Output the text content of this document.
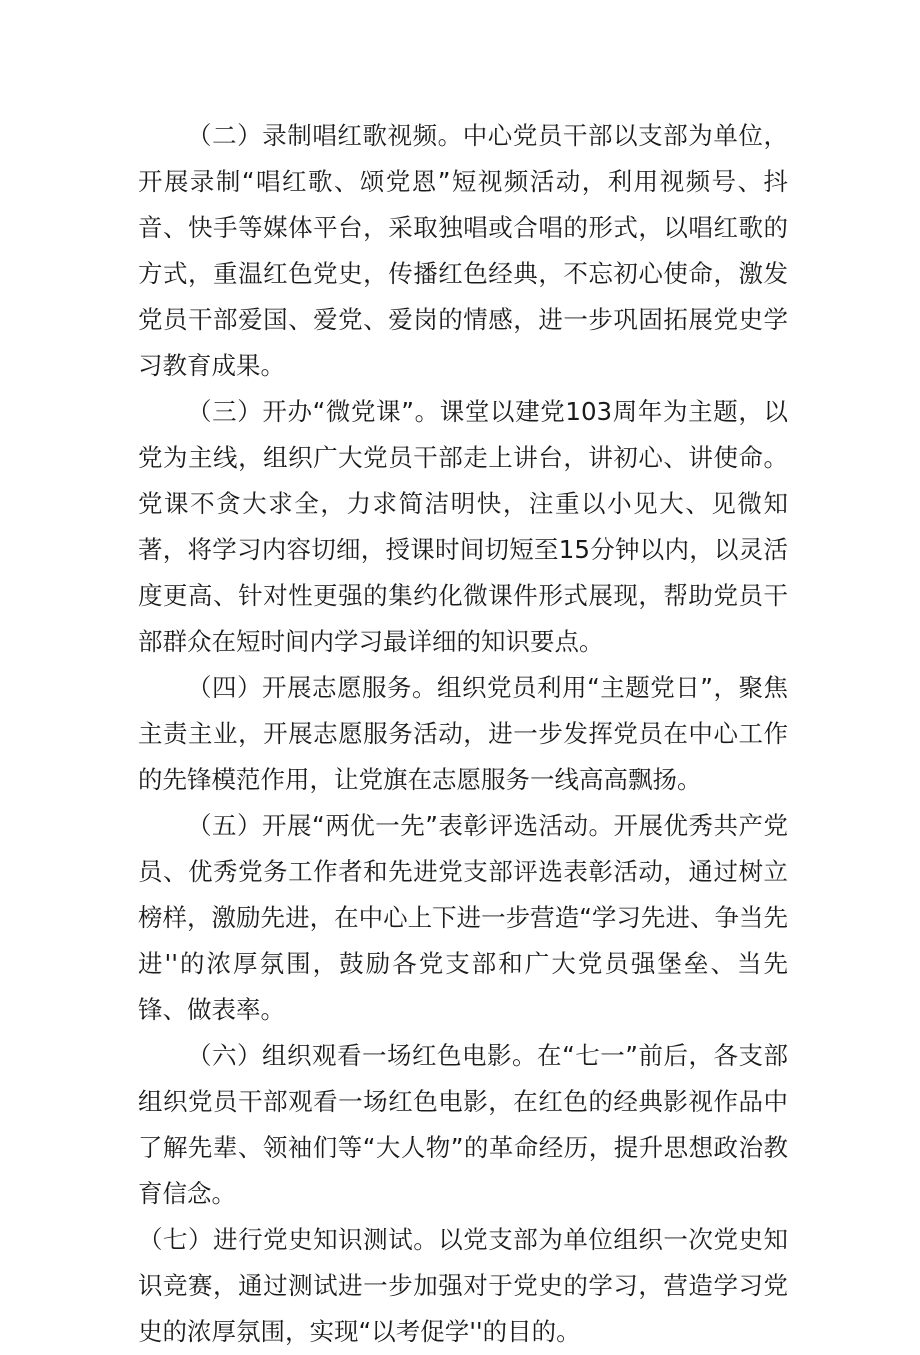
（二）录制唱红歌视频。中心党员干部以支部为单位，开展录制“唱红歌、颂党恩”短视频活动，利用视频号、抖音、快手等媒体平台，采取独唱或合唱的形式，以唱红歌的方式，重温红色党史，传播红色经典，不忘初心使命，激发党员干部爱国、爱党、爱岗的情感，进一步巩固拓展党史学习教育成果。

（三）开办“微党课”。课堂以建党103周年为主题，以党为主线，组织广大党员干部走上讲台，讲初心、讲使命。党课不贪大求全，力求简洁明快，注重以小见大、见微知著，将学习内容切细，授课时间切短至15分钟以内，以灵活度更高、针对性更强的集约化微课件形式展现，帮助党员干部群众在短时间内学习最详细的知识要点。

（四）开展志愿服务。组织党员利用“主题党日”，聚焦主责主业，开展志愿服务活动，进一步发挥党员在中心工作的先锋模范作用，让党旗在志愿服务一线高高飘扬。

（五）开展“两优一先”表彰评选活动。开展优秀共产党员、优秀党务工作者和先进党支部评选表彰活动，通过树立榜样，激励先进，在中心上下进一步营造“学习先进、争当先进''的浓厚氛围，鼓励各党支部和广大党员强堡垒、当先锋、做表率。

（六）组织观看一场红色电影。在“七一”前后，各支部组织党员干部观看一场红色电影，在红色的经典影视作品中了解先辈、领袖们等“大人物”的革命经历，提升思想政治教育信念。

（七）进行党史知识测试。以党支部为单位组织一次党史知识竞赛，通过测试进一步加强对于党史的学习，营造学习党史的浓厚氛围，实现“以考促学''的目的。
